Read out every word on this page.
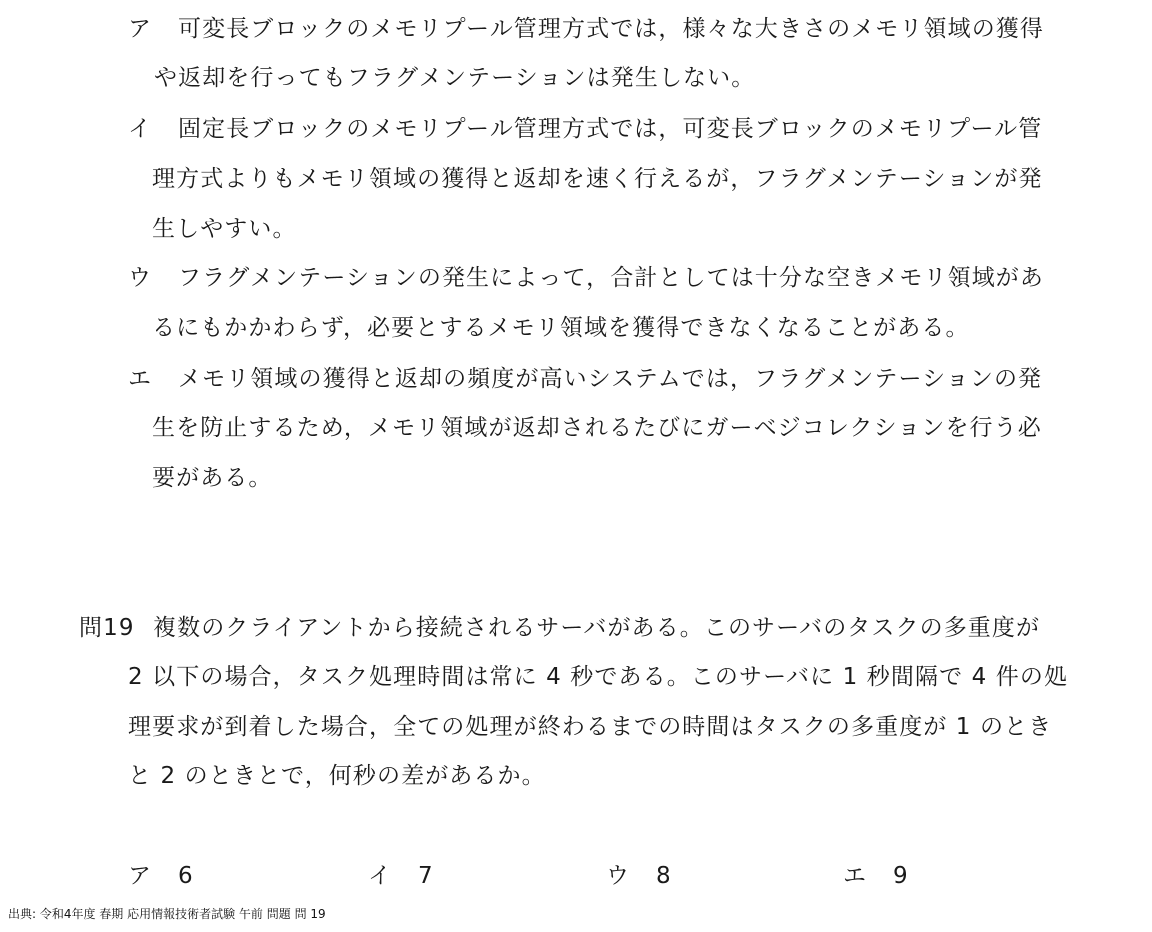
ア 可変長ブロックのメモリプール管理方式では，様々な大きさのメモリ領域の獲得
や返却を行ってもフラグメンテーションは発生しない。
イ 固定長ブロックのメモリプール管理方式では，可変長ブロックのメモリプール管
理方式よりもメモリ領域の獲得と返却を速く行えるが，フラグメンテーションが発
生しやすい。
ウ フラグメンテーションの発生によって，合計としては十分な空きメモリ領域があ
るにもかかわらず，必要とするメモリ領域を獲得できなくなることがある。
エ メモリ領域の獲得と返却の頻度が高いシステムでは，フラグメンテーションの発
生を防止するため，メモリ領域が返却されるたびにガーベジコレクションを行う必
要がある。
問19 複数のクライアントから接続されるサーバがある。このサーバのタスクの多重度が
2 以下の場合，タスク処理時間は常に 4 秒である。このサーバに 1 秒間隔で 4 件の処
理要求が到着した場合，全ての処理が終わるまでの時間はタスクの多重度が 1 のとき
と 2 のときとで，何秒の差があるか。
ア 6	イ 7	ウ 8	エ 9
出典: 令和4年度 春期 応用情報技術者試験 午前 問題 問 19
